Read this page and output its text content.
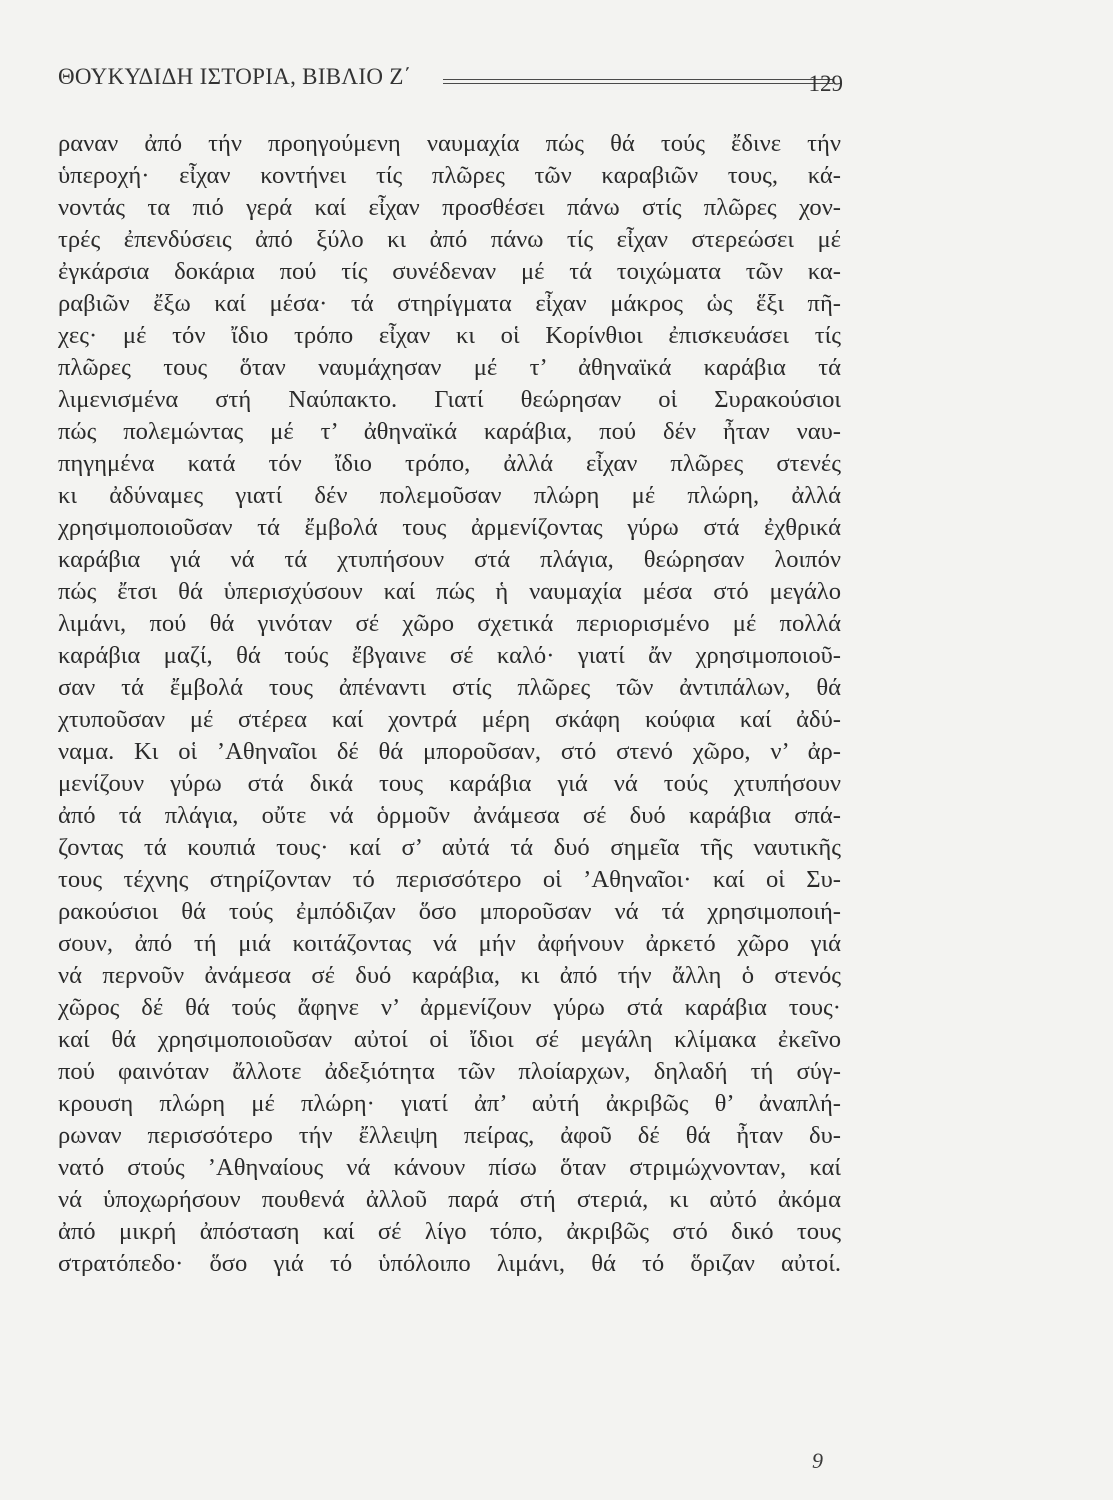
ΘΟΥΚΥΔΙΔΗ ΙΣΤΟΡΙΑ, ΒΙΒΛΙΟ Ζ΄	129
ραναν ἀπό τήν προηγούμενη ναυμαχία πώς θά τούς ἔδινε τήν
ὑπεροχή· εἶχαν κοντήνει τίς πλῶρες τῶν καραβιῶν τους, κά-
νοντάς τα πιό γερά καί εἶχαν προσθέσει πάνω στίς πλῶρες χον-
τρές ἐπενδύσεις ἀπό ξύλο κι ἀπό πάνω τίς εἶχαν στερεώσει μέ
ἐγκάρσια δοκάρια πού τίς συνέδεναν μέ τά τοιχώματα τῶν κα-
ραβιῶν ἔξω καί μέσα· τά στηρίγματα εἶχαν μάκρος ὡς ἕξι πῆ-
χες· μέ τόν ἴδιο τρόπο εἶχαν κι οἱ Κορίνθιοι ἐπισκευάσει τίς
πλῶρες τους ὅταν ναυμάχησαν μέ τ’ ἀθηναϊκά καράβια τά
λιμενισμένα στή Ναύπακτο. Γιατί θεώρησαν οἱ Συρακούσιοι
πώς πολεμώντας μέ τ’ ἀθηναϊκά καράβια, πού δέν ἦταν ναυ-
πηγημένα κατά τόν ἴδιο τρόπο, ἀλλά εἶχαν πλῶρες στενές
κι ἀδύναμες γιατί δέν πολεμοῦσαν πλώρη μέ πλώρη, ἀλλά
χρησιμοποιοῦσαν τά ἔμβολά τους ἀρμενίζοντας γύρω στά ἐχθρικά
καράβια γιά νά τά χτυπήσουν στά πλάγια, θεώρησαν λοιπόν
πώς ἔτσι θά ὑπερισχύσουν καί πώς ἡ ναυμαχία μέσα στό μεγάλο
λιμάνι, πού θά γινόταν σέ χῶρο σχετικά περιορισμένο μέ πολλά
καράβια μαζί, θά τούς ἔβγαινε σέ καλό· γιατί ἄν χρησιμοποιοῦ-
σαν τά ἔμβολά τους ἀπέναντι στίς πλῶρες τῶν ἀντιπάλων, θά
χτυποῦσαν μέ στέρεα καί χοντρά μέρη σκάφη κούφια καί ἀδύ-
ναμα. Κι οἱ ’Αθηναῖοι δέ θά μποροῦσαν, στό στενό χῶρο, ν’ ἀρ-
μενίζουν γύρω στά δικά τους καράβια γιά νά τούς χτυπήσουν
ἀπό τά πλάγια, οὔτε νά ὁρμοῦν ἀνάμεσα σέ δυό καράβια σπά-
ζοντας τά κουπιά τους· καί σ’ αὐτά τά δυό σημεῖα τῆς ναυτικῆς
τους τέχνης στηρίζονταν τό περισσότερο οἱ ’Αθηναῖοι· καί οἱ Συ-
ρακούσιοι θά τούς ἐμπόδιζαν ὅσο μποροῦσαν νά τά χρησιμοποιή-
σουν, ἀπό τή μιά κοιτάζοντας νά μήν ἀφήνουν ἀρκετό χῶρο γιά
νά περνοῦν ἀνάμεσα σέ δυό καράβια, κι ἀπό τήν ἄλλη ὁ στενός
χῶρος δέ θά τούς ἄφηνε ν’ ἀρμενίζουν γύρω στά καράβια τους·
καί θά χρησιμοποιοῦσαν αὐτοί οἱ ἴδιοι σέ μεγάλη κλίμακα ἐκεῖνο
πού φαινόταν ἄλλοτε ἀδεξιότητα τῶν πλοίαρχων, δηλαδή τή σύγ-
κρουση πλώρη μέ πλώρη· γιατί ἀπ’ αὐτή ἀκριβῶς θ’ ἀναπλή-
ρωναν περισσότερο τήν ἔλλειψη πείρας, ἀφοῦ δέ θά ἦταν δυ-
νατό στούς ’Αθηναίους νά κάνουν πίσω ὅταν στριμώχνονταν, καί
νά ὑποχωρήσουν πουθενά ἀλλοῦ παρά στή στεριά, κι αὐτό ἀκόμα
ἀπό μικρή ἀπόσταση καί σέ λίγο τόπο, ἀκριβῶς στό δικό τους
στρατόπεδο· ὅσο γιά τό ὑπόλοιπο λιμάνι, θά τό ὅριζαν αὐτοί.
9
